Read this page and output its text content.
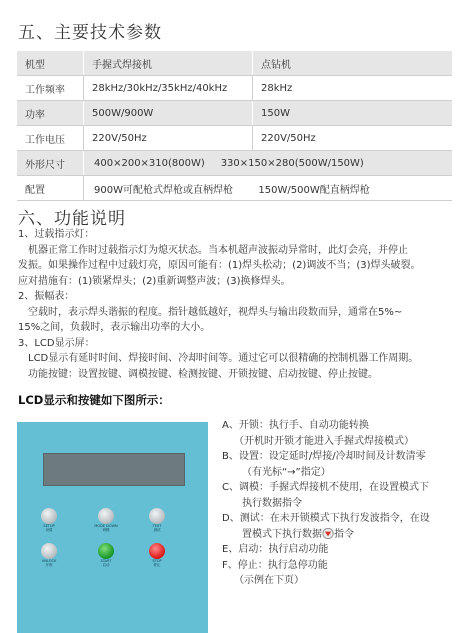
五、主要技术参数
机型	手握式焊接机	点钻机
工作频率	28kHz/30kHz/35kHz/40kHz	28kHz
功率	500W/900W	150W
工作电压	220V/50Hz	220V/50Hz
外形尺寸	400×200×310(800W)     330×150×280(500W/150W)	
配置	900W可配枪式焊枪或直柄焊枪        150W/500W配直柄焊枪	
六、功能说明
1、过载指示灯：
机器正常工作时过载指示灯为熄灭状态。当本机超声波振动异常时，此灯会亮，并停止
发振。如果操作过程中过载灯亮，原因可能有：(1)焊头松动；(2)调波不当；(3)焊头破裂。
应对措施有：(1)锁紧焊头；(2)重新调整声波；(3)换修焊头。
2、振幅表：
空载时，表示焊头谐振的程度。指针越低越好，视焊头与输出段数而异，通常在5%~
15%之间，负载时，表示输出功率的大小。
3、LCD显示屏：
LCD显示有延时时间、焊接时间、冷却时间等。通过它可以很精确的控制机器工作周期。
功能按键：设置按键、调模按键、检测按键、开锁按键、启动按键、停止按键。
LCD显示和按键如下图所示：
SETUP
设置
MODE DOWN
调模
TEST
测试
UNLOCK
开锁
START
启动
STOP
停止
A、开锁：执行手、自动功能转换
（开机时开锁才能进入手握式焊接模式）
B、设置：设定延时/焊接/冷却时间及计数清零
（有光标“→”指定）
C、调模：手握式焊接机不使用，在设置模式下
执行数据指令
D、测试：在未开锁模式下执行发波指令，在设
置模式下执行数据 指令
E、启动：执行启动功能
F、停止：执行急停功能
（示例在下页）
